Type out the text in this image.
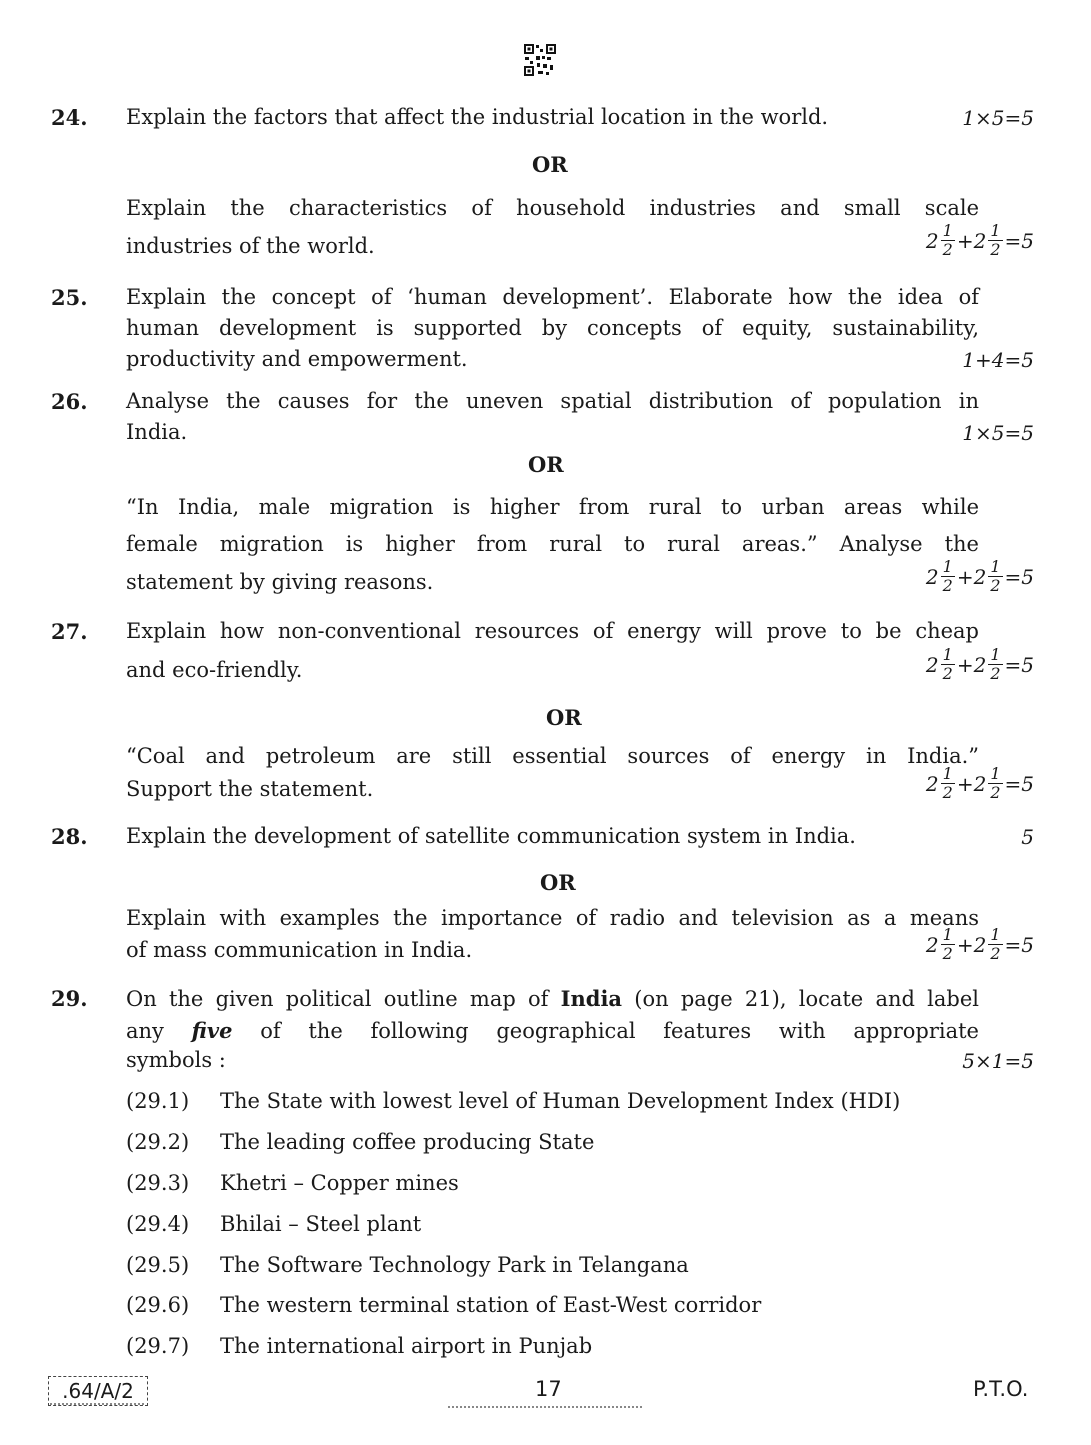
24. Explain the factors that affect the industrial location in the world.	1×5=5
OR
Explain the characteristics of household industries and small scale
industries of the world.	$2 \frac{1}{2} +2 \frac{1}{2} =5$
25. Explain the concept of ‘human development’. Elaborate how the idea of
human development is supported by concepts of equity, sustainability,
productivity and empowerment.	1+4=5
26. Analyse the causes for the uneven spatial distribution of population in
India.	1×5=5
OR
“In India, male migration is higher from rural to urban areas while
female migration is higher from rural to rural areas.” Analyse the
statement by giving reasons.	$2 \frac{1}{2} +2 \frac{1}{2} =5$
27. Explain how non-conventional resources of energy will prove to be cheap
and eco-friendly.	$2 \frac{1}{2} +2 \frac{1}{2} =5$
OR
“Coal and petroleum are still essential sources of energy in India.”
Support the statement.	$2 \frac{1}{2} +2 \frac{1}{2} =5$
28. Explain the development of satellite communication system in India.	5
OR
Explain with examples the importance of radio and television as a means
of mass communication in India.	$2 \frac{1}{2} +2 \frac{1}{2} =5$
29. On the given political outline map of India (on page 21), locate and label
any five of the following geographical features with appropriate
symbols :	5×1=5
(29.1) The State with lowest level of Human Development Index (HDI)
(29.2) The leading coffee producing State
(29.3) Khetri – Copper mines
(29.4) Bhilai – Steel plant
(29.5) The Software Technology Park in Telangana
(29.6) The western terminal station of East-West corridor
(29.7) The international airport in Punjab
.64/A/2	17	P.T.O.
